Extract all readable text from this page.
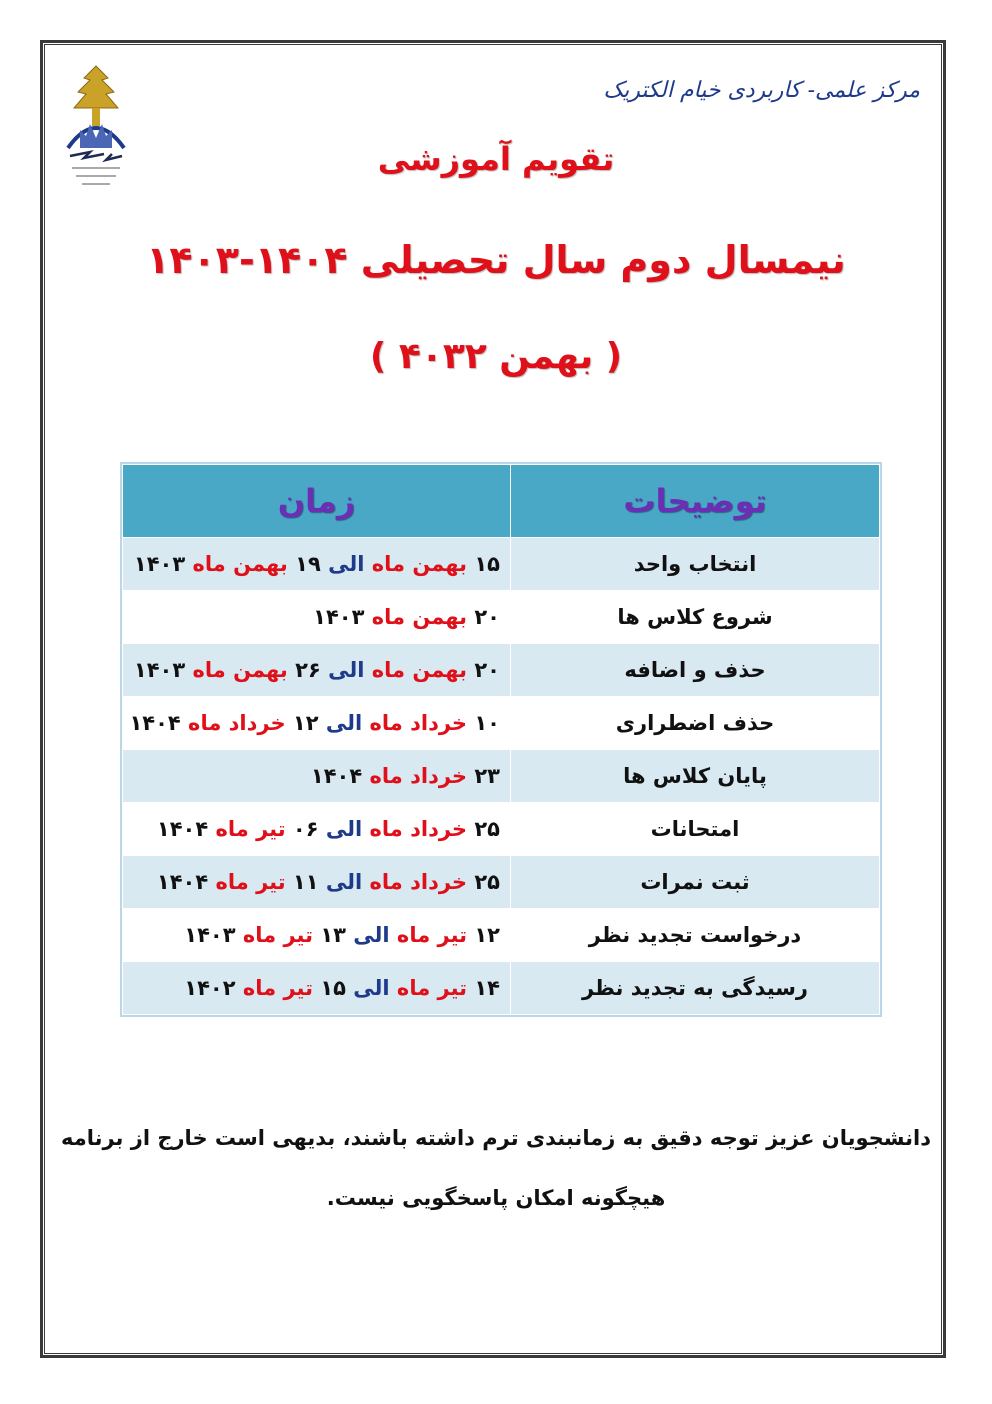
مرکز علمی- کاربردی خیام الکتریک
تقویم آموزشی
نیمسال دوم سال تحصیلی ۱۴۰۴-۱۴۰۳
( بهمن ۴۰۳۲ )
توضیحات	زمان
انتخاب واحد	۱۵ بهمن ماه الی ۱۹ بهمن ماه ۱۴۰۳
شروع کلاس ها	۲۰ بهمن ماه ۱۴۰۳
حذف و اضافه	۲۰ بهمن ماه الی ۲۶ بهمن ماه ۱۴۰۳
حذف اضطراری	۱۰ خرداد ماه الی ۱۲ خرداد ماه ۱۴۰۴
پایان کلاس ها	۲۳ خرداد ماه ۱۴۰۴
امتحانات	۲۵ خرداد ماه الی ۰۶ تیر ماه ۱۴۰۴
ثبت نمرات	۲۵ خرداد ماه الی ۱۱ تیر ماه ۱۴۰۴
درخواست تجدید نظر	۱۲ تیر ماه الی ۱۳ تیر ماه ۱۴۰۳
رسیدگی به تجدید نظر	۱۴ تیر ماه الی ۱۵ تیر ماه ۱۴۰۲
دانشجویان عزیز توجه دقیق به زمانبندی ترم داشته باشند، بدیهی است خارج از برنامه
هیچگونه امکان پاسخگویی نیست.
